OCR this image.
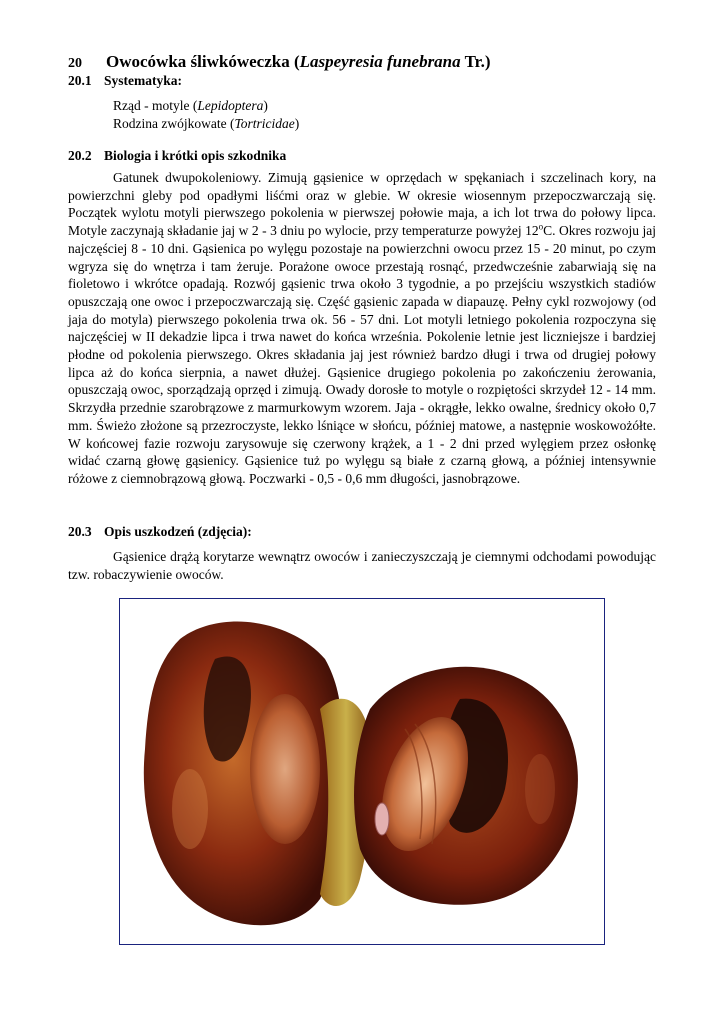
20 Owocówka śliwkóweczka (Laspeyresia funebrana Tr.)
20.1 Systematyka:
Rząd - motyle (Lepidoptera)
Rodzina zwójkowate (Tortricidae)
20.2 Biologia i krótki opis szkodnika
Gatunek dwupokoleniowy. Zimują gąsienice w oprzędach w spękaniach i szczelinach kory, na powierzchni gleby pod opadłymi liśćmi oraz w glebie. W okresie wiosennym przepoczwarczają się. Początek wylotu motyli pierwszego pokolenia w pierwszej połowie maja, a ich lot trwa do połowy lipca. Motyle zaczynają składanie jaj w 2 - 3 dniu po wylocie, przy temperaturze powyżej 12$^o$C. Okres rozwoju jaj najczęściej 8 - 10 dni. Gąsienica po wylęgu pozostaje na powierzchni owocu przez 15 - 20 minut, po czym wgryza się do wnętrza i tam żeruje. Porażone owoce przestają rosnąć, przedwcześnie zabarwiają się na fioletowo i wkrótce opadają. Rozwój gąsienic trwa około 3 tygodnie, a po przejściu wszystkich stadiów opuszczają one owoc i przepoczwarczają się. Część gąsienic zapada w diapauzę. Pełny cykl rozwojowy (od jaja do motyla) pierwszego pokolenia trwa ok. 56 - 57 dni. Lot motyli letniego pokolenia rozpoczyna się najczęściej w II dekadzie lipca i trwa nawet do końca września. Pokolenie letnie jest liczniejsze i bardziej płodne od pokolenia pierwszego. Okres składania jaj jest również bardzo długi i trwa od drugiej połowy lipca aż do końca sierpnia, a nawet dłużej. Gąsienice drugiego pokolenia po zakończeniu żerowania, opuszczają owoc, sporządzają oprzęd i zimują. Owady dorosłe to motyle o rozpiętości skrzydeł 12 - 14 mm. Skrzydła przednie szarobrązowe z marmurkowym wzorem. Jaja - okrągłe, lekko owalne, średnicy około 0,7 mm. Świeżo złożone są przezroczyste, lekko lśniące w słońcu, później matowe, a następnie woskowożółte. W końcowej fazie rozwoju zarysowuje się czerwony krążek, a 1 - 2 dni przed wylęgiem przez osłonkę widać czarną głowę gąsienicy. Gąsienice tuż po wylęgu są białe z czarną głową, a później intensywnie różowe z ciemnobrązową głową. Poczwarki - 0,5 - 0,6 mm długości, jasnobrązowe.
20.3 Opis uszkodzeń (zdjęcia):
Gąsienice drążą korytarze wewnątrz owoców i zanieczyszczają je ciemnymi odchodami powodując tzw. robaczywienie owoców.
